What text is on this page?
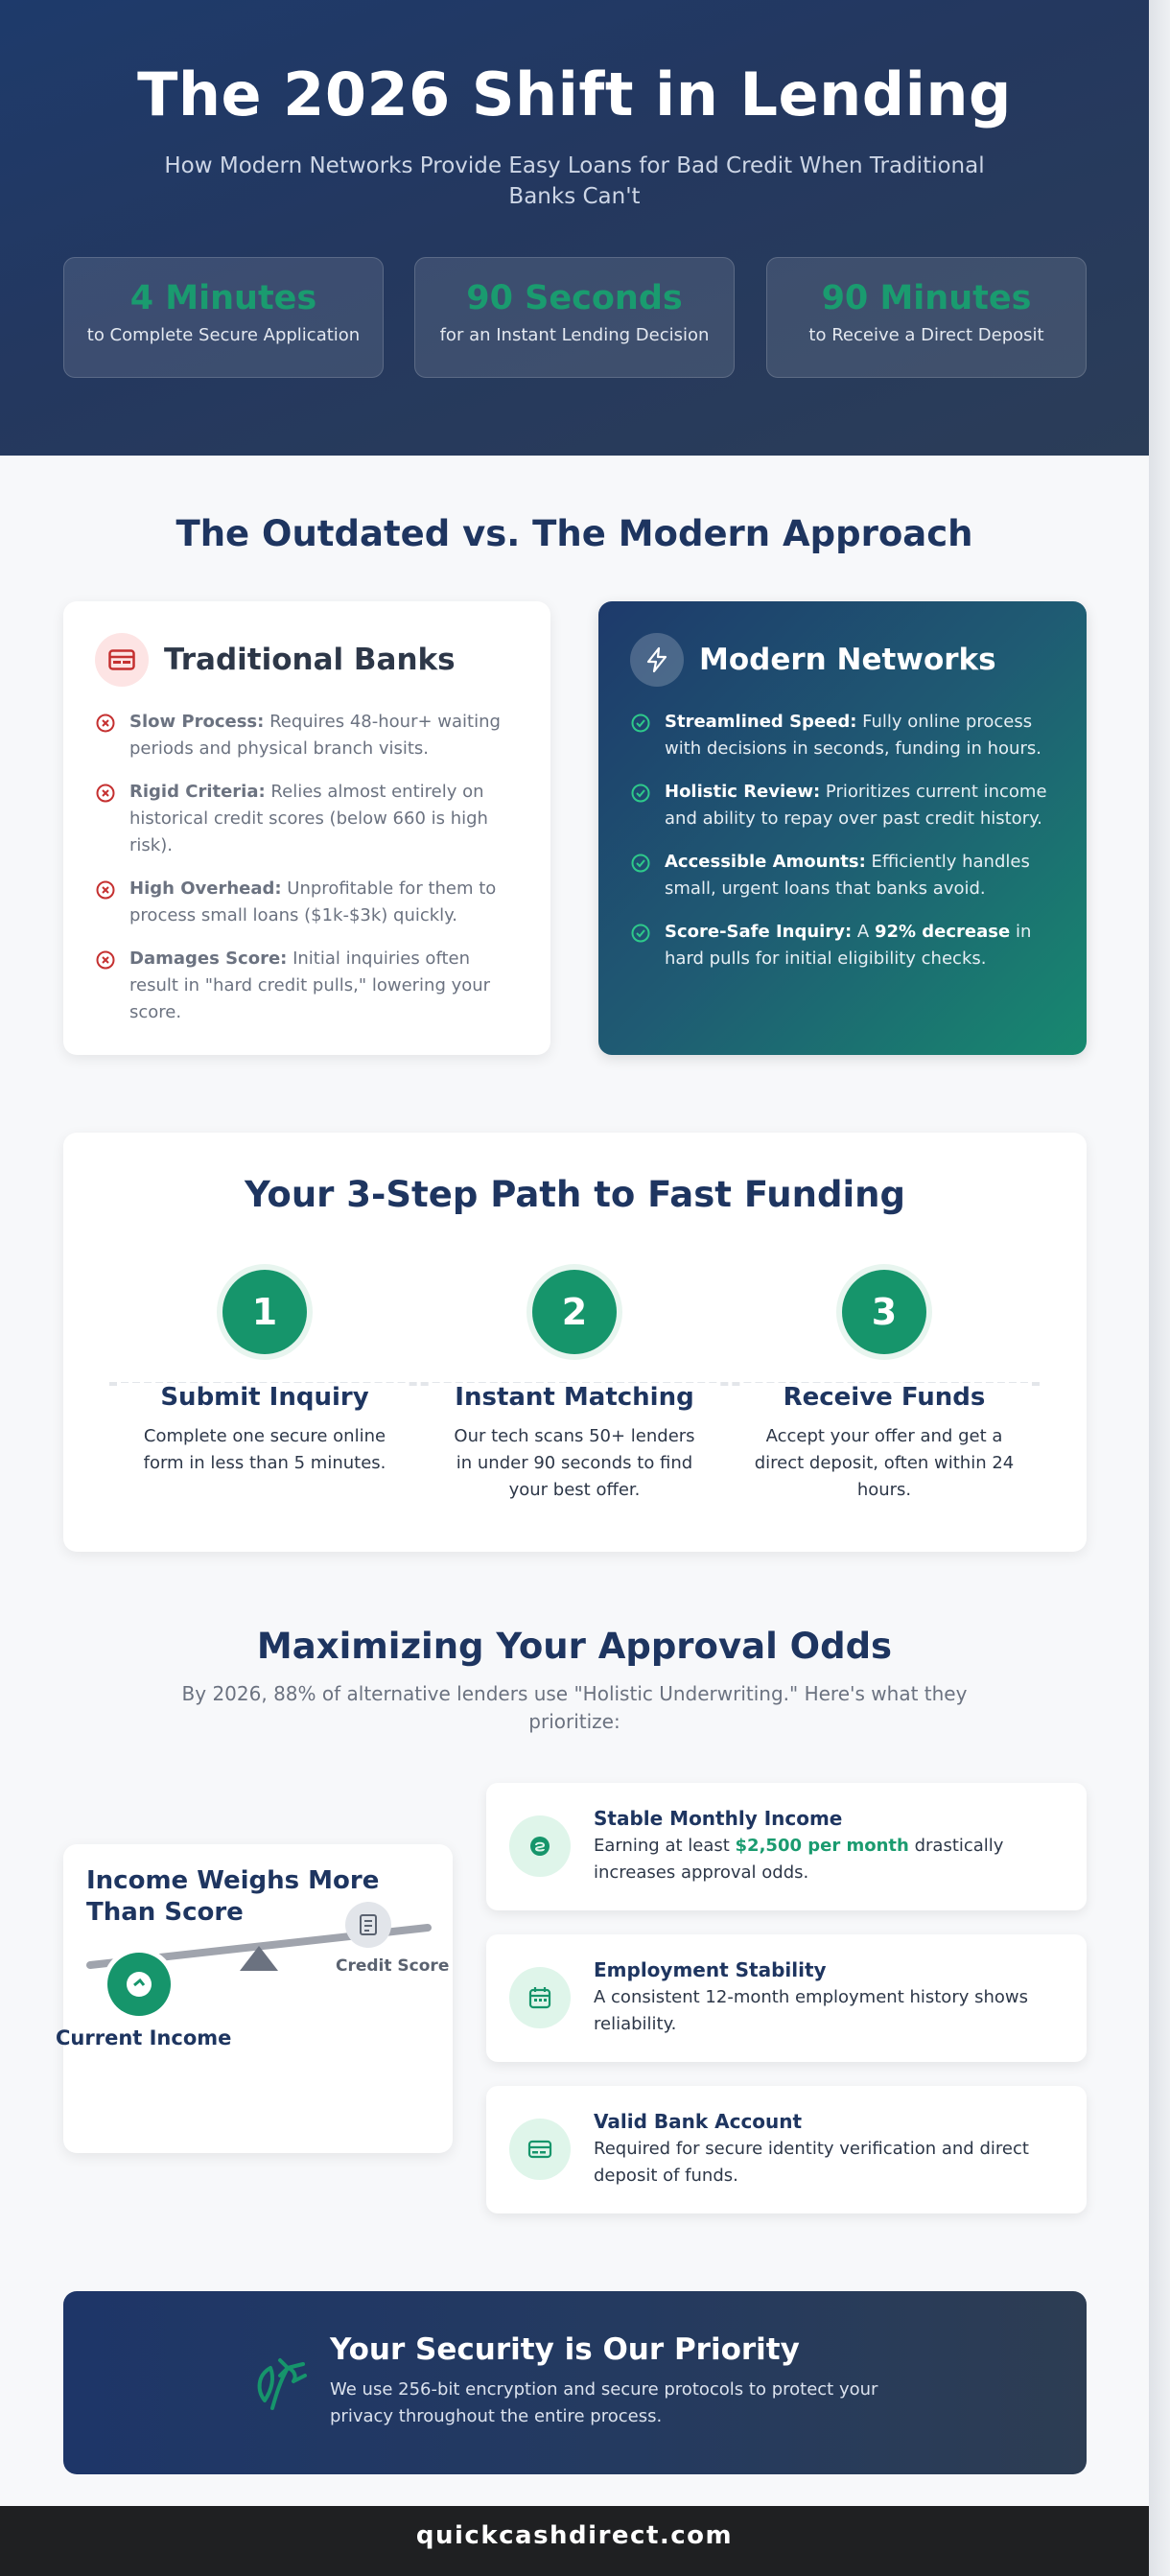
The 2026 Shift in Lending

How Modern Networks Provide Easy Loans for Bad Credit When Traditional Banks Can't

4 Minutes
to Complete Secure Application
90 Seconds
for an Instant Lending Decision
90 Minutes
to Receive a Direct Deposit
The Outdated vs. The Modern Approach
Traditional Banks
Slow Process: Requires 48-hour+ waiting periods and physical branch visits.
Rigid Criteria: Relies almost entirely on historical credit scores (below 660 is high risk).
High Overhead: Unprofitable for them to process small loans ($1k-$3k) quickly.
Damages Score: Initial inquiries often result in "hard credit pulls," lowering your score.
Modern Networks
Streamlined Speed: Fully online process with decisions in seconds, funding in hours.
Holistic Review: Prioritizes current income and ability to repay over past credit history.
Accessible Amounts: Efficiently handles small, urgent loans that banks avoid.
Score-Safe Inquiry: A 92% decrease in hard pulls for initial eligibility checks.
Your 3-Step Path to Fast Funding
1
Submit Inquiry
Complete one secure online form in less than 5 minutes.
2
Instant Matching
Our tech scans 50+ lenders in under 90 seconds to find your best offer.
3
Receive Funds
Accept your offer and get a direct deposit, often within 24 hours.
Maximizing Your Approval Odds

By 2026, 88% of alternative lenders use "Holistic Underwriting." Here's what they prioritize:

Income Weighs More Than Score
Credit Score
Current Income
Stable Monthly Income
Earning at least $2,500 per month drastically increases approval odds.
Employment Stability
A consistent 12-month employment history shows reliability.
Valid Bank Account
Required for secure identity verification and direct deposit of funds.
Your Security is Our Priority
We use 256-bit encryption and secure protocols to protect your privacy throughout the entire process.
quickcashdirect.com
